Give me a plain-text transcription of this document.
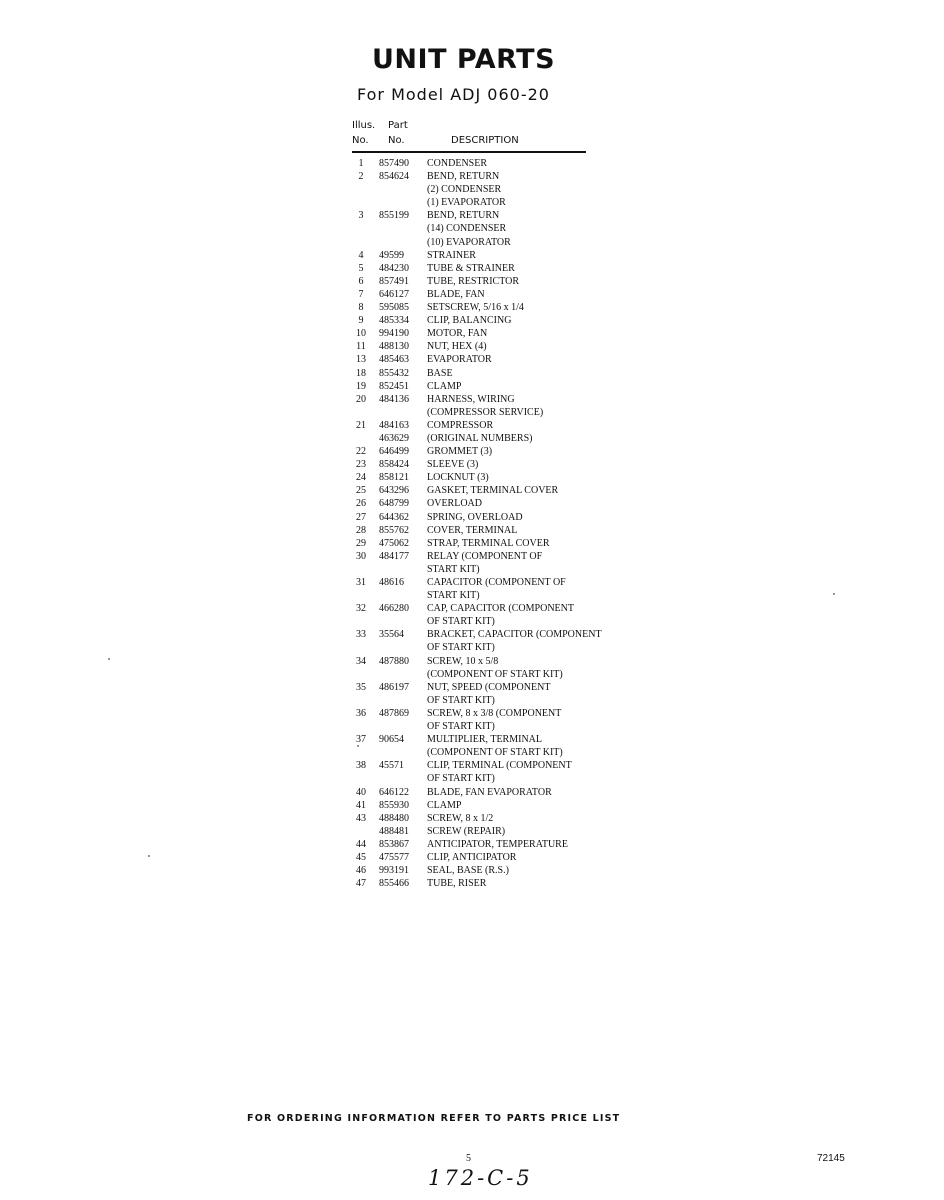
UNIT PARTS
For Model ADJ 060-20
Illus. Part
No. No.	DESCRIPTION
1	857490	CONDENSER
2	854624	BEND, RETURN
(2) CONDENSER
(1) EVAPORATOR
3	855199	BEND, RETURN
(14) CONDENSER
(10) EVAPORATOR
4	49599	STRAINER
5	484230	TUBE & STRAINER
6	857491	TUBE, RESTRICTOR
7	646127	BLADE, FAN
8	595085	SETSCREW, 5/16 x 1/4
9	485334	CLIP, BALANCING
10	994190	MOTOR, FAN
11	488130	NUT, HEX (4)
13	485463	EVAPORATOR
18	855432	BASE
19	852451	CLAMP
20	484136	HARNESS, WIRING
(COMPRESSOR SERVICE)
21	484163	COMPRESSOR
463629	(ORIGINAL NUMBERS)
22	646499	GROMMET (3)
23	858424	SLEEVE (3)
24	858121	LOCKNUT (3)
25	643296	GASKET, TERMINAL COVER
26	648799	OVERLOAD
27	644362	SPRING, OVERLOAD
28	855762	COVER, TERMINAL
29	475062	STRAP, TERMINAL COVER
30	484177	RELAY (COMPONENT OF
START KIT)
31	48616	CAPACITOR (COMPONENT OF
START KIT)
32	466280	CAP, CAPACITOR (COMPONENT
OF START KIT)
33	35564	BRACKET, CAPACITOR (COMPONENT
OF START KIT)
34	487880	SCREW, 10 x 5/8
(COMPONENT OF START KIT)
35	486197	NUT, SPEED (COMPONENT
OF START KIT)
36	487869	SCREW, 8 x 3/8 (COMPONENT
OF START KIT)
37	90654	MULTIPLIER, TERMINAL
(COMPONENT OF START KIT)
38	45571	CLIP, TERMINAL (COMPONENT
OF START KIT)
40	646122	BLADE, FAN EVAPORATOR
41	855930	CLAMP
43	488480	SCREW, 8 x 1/2
488481	SCREW (REPAIR)
44	853867	ANTICIPATOR, TEMPERATURE
45	475577	CLIP, ANTICIPATOR
46	993191	SEAL, BASE (R.S.)
47	855466	TUBE, RISER
FOR ORDERING INFORMATION REFER TO PARTS PRICE LIST
5	72145
172-C-5
